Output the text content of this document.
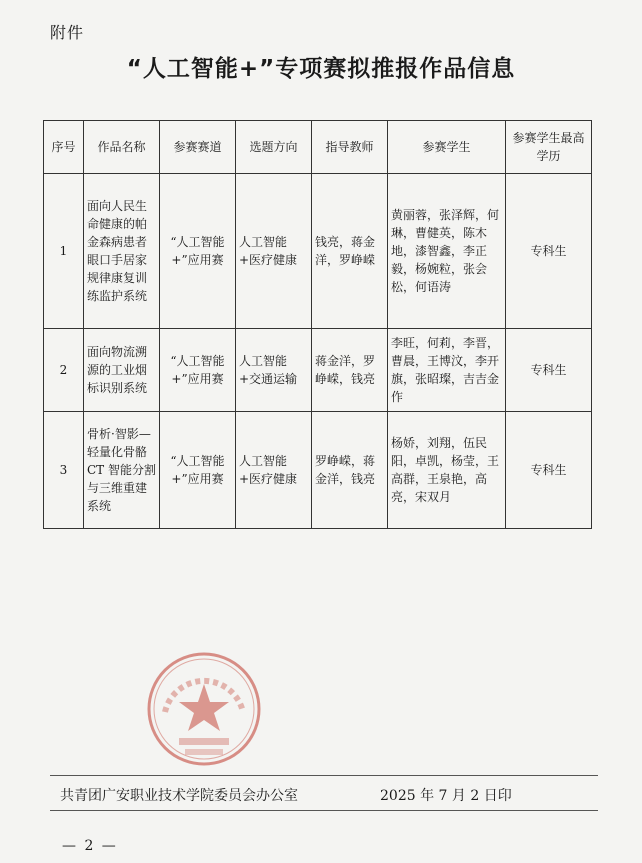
附件
“人工智能+”专项赛拟推报作品信息
序号	作品名称	参赛赛道	选题方向	指导教师	参赛学生	参赛学生最高学历
1	面向人民生命健康的帕金森病患者眼口手居家规律康复训练监护系统	“人工智能+”应用赛	人工智能+医疗健康	钱亮，蒋金洋，罗峥嵘	黄丽蓉，张泽辉，何琳，曹健英，陈木地，漆智鑫，李正毅，杨婉粒，张会松，何语涛	专科生
2	面向物流溯源的工业烟标识别系统	“人工智能+”应用赛	人工智能+交通运输	蒋金洋，罗峥嵘，钱亮	李旺，何莉，李晋，曹晨，王博汶，李开旗，张昭璨，吉吉金作	专科生
3	骨析·智影—轻量化骨骼 CT 智能分割与三维重建系统	“人工智能+”应用赛	人工智能+医疗健康	罗峥嵘，蒋金洋，钱亮	杨娇，刘翔，伍民阳，卓凯，杨莹，王高群，王泉艳，高亮，宋双月	专科生
共青团广安职业技术学院委员会办公室	2025 年 7 月 2 日印
— 2 —
